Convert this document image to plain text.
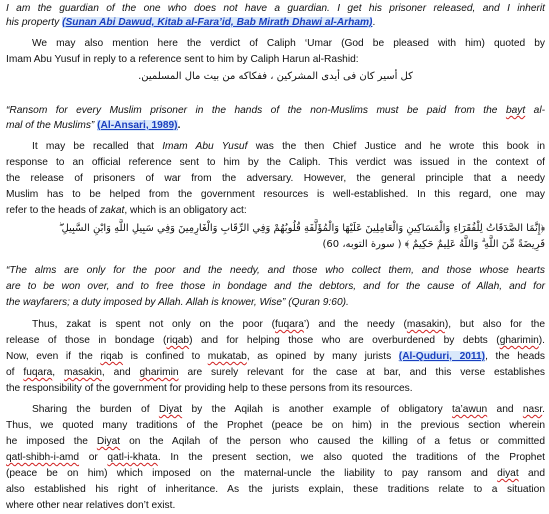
I am the guardian of the one who does not have a guardian. I get his prisoner released, and I inherit
his property (Sunan Abi Dawud, Kitab al-Fara’id, Bab Mirath Dhawi al-Arham).
We may also mention here the verdict of Caliph ‘Umar (God be pleased with him) quoted by
Imam Abu Yusuf in reply to a reference sent to him by Caliph Harun al-Rashid:
كل أسير كان فى أيدى المشركين ، ففكاكه من بيت مال المسلمين.
“Ransom for every Muslim prisoner in the hands of the non-Muslims must be paid from the bayt al-
mal of the Muslims” (Al-Ansari, 1989).
It may be recalled that Imam Abu Yusuf was the then Chief Justice and he wrote this book in
response to an official reference sent to him by the Caliph. This verdict was issued in the context of
the release of prisoners of war from the adversary. However, the general principle that a needy
Muslim has to be helped from the government resources is well-established. In this regard, one may
refer to the heads of zakat, which is an obligatory act:
﴿إِنَّمَا الصَّدَقَاتُ لِلْفُقَرَاءِ وَالْمَسَاكِينِ وَالْعَامِلِينَ عَلَيْهَا وَالْمُؤَلَّفَةِ قُلُوبُهُمْ وَفِي الرِّقَابِ وَالْغَارِمِينَ وَفِي سَبِيلِ اللَّهِ وَابْنِ السَّبِيلِ ۖ
فَرِيضَةً مِّنَ اللَّهِ ۗ وَاللَّهُ عَلِيمٌ حَكِيمٌ ﴾ ( سورة التوبه، 60)
“The alms are only for the poor and the needy, and those who collect them, and those whose hearts
are to be won over, and to free those in bondage and the debtors, and for the cause of Allah, and for
the wayfarers; a duty imposed by Allah. Allah is knower, Wise” (Quran 9:60).
Thus, zakat is spent not only on the poor (fuqara’) and the needy (masakin), but also for the
release of those in bondage (riqab) and for helping those who are overburdened by debts (gharimin).
Now, even if the riqab is confined to mukatab, as opined by many jurists (Al-Quduri, 2011), the heads
of fuqara, masakin, and gharimin are surely relevant for the case at bar, and this verse establishes
the responsibility of the government for providing help to these persons from its resources.
Sharing the burden of Diyat by the Aqilah is another example of obligatory ta’awun and nasr.
Thus, we quoted many traditions of the Prophet (peace be on him) in the previous section wherein
he imposed the Diyat on the Aqilah of the person who caused the killing of a fetus or committed
qatl-shibh-i-amd or qatl-i-khata. In the present section, we also quoted the traditions of the Prophet
(peace be on him) which imposed on the maternal-uncle the liability to pay ransom and diyat and
also established his right of inheritance. As the jurists explain, these traditions relate to a situation
where other near relatives don’t exist.
